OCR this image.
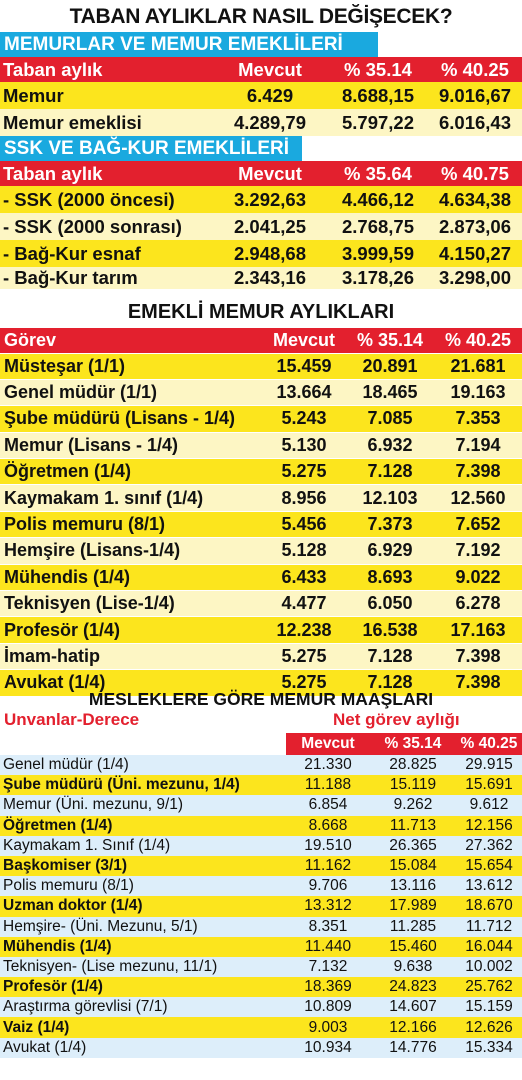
TABAN AYLIKLAR NASIL DEĞİŞECEK?
MEMURLAR VE MEMUR EMEKLİLERİ
Taban aylık	Mevcut	% 35.14	% 40.25
Memur	6.429	8.688,15	9.016,67
Memur emeklisi	4.289,79	5.797,22	6.016,43
SSK VE BAĞ-KUR EMEKLİLERİ
Taban aylık	Mevcut	% 35.64	% 40.75
- SSK (2000 öncesi)	3.292,63	4.466,12	4.634,38
- SSK (2000 sonrası)	2.041,25	2.768,75	2.873,06
- Bağ-Kur esnaf	2.948,68	3.999,59	4.150,27
- Bağ-Kur tarım	2.343,16	3.178,26	3.298,00
EMEKLİ MEMUR AYLIKLARI
Görev	Mevcut	% 35.14	% 40.25
Müsteşar (1/1)	15.459	20.891	21.681
Genel müdür (1/1)	13.664	18.465	19.163
Şube müdürü (Lisans - 1/4)	5.243	7.085	7.353
Memur (Lisans - 1/4)	5.130	6.932	7.194
Öğretmen (1/4)	5.275	7.128	7.398
Kaymakam 1. sınıf (1/4)	8.956	12.103	12.560
Polis memuru (8/1)	5.456	7.373	7.652
Hemşire (Lisans-1/4)	5.128	6.929	7.192
Mühendis (1/4)	6.433	8.693	9.022
Teknisyen (Lise-1/4)	4.477	6.050	6.278
Profesör (1/4)	12.238	16.538	17.163
İmam-hatip	5.275	7.128	7.398
Avukat (1/4)	5.275	7.128	7.398
MESLEKLERE GÖRE MEMUR MAAŞLARI
Unvanlar-Derece	Net görev aylığı
	Mevcut	% 35.14	% 40.25
Genel müdür (1/4)	21.330	28.825	29.915
Şube müdürü (Üni. mezunu, 1/4)	11.188	15.119	15.691
Memur (Üni. mezunu, 9/1)	6.854	9.262	9.612
Öğretmen (1/4)	8.668	11.713	12.156
Kaymakam 1. Sınıf (1/4)	19.510	26.365	27.362
Başkomiser (3/1)	11.162	15.084	15.654
Polis memuru (8/1)	9.706	13.116	13.612
Uzman doktor (1/4)	13.312	17.989	18.670
Hemşire- (Üni. Mezunu, 5/1)	8.351	11.285	11.712
Mühendis (1/4)	11.440	15.460	16.044
Teknisyen- (Lise mezunu, 11/1)	7.132	9.638	10.002
Profesör (1/4)	18.369	24.823	25.762
Araştırma görevlisi (7/1)	10.809	14.607	15.159
Vaiz (1/4)	9.003	12.166	12.626
Avukat (1/4)	10.934	14.776	15.334
